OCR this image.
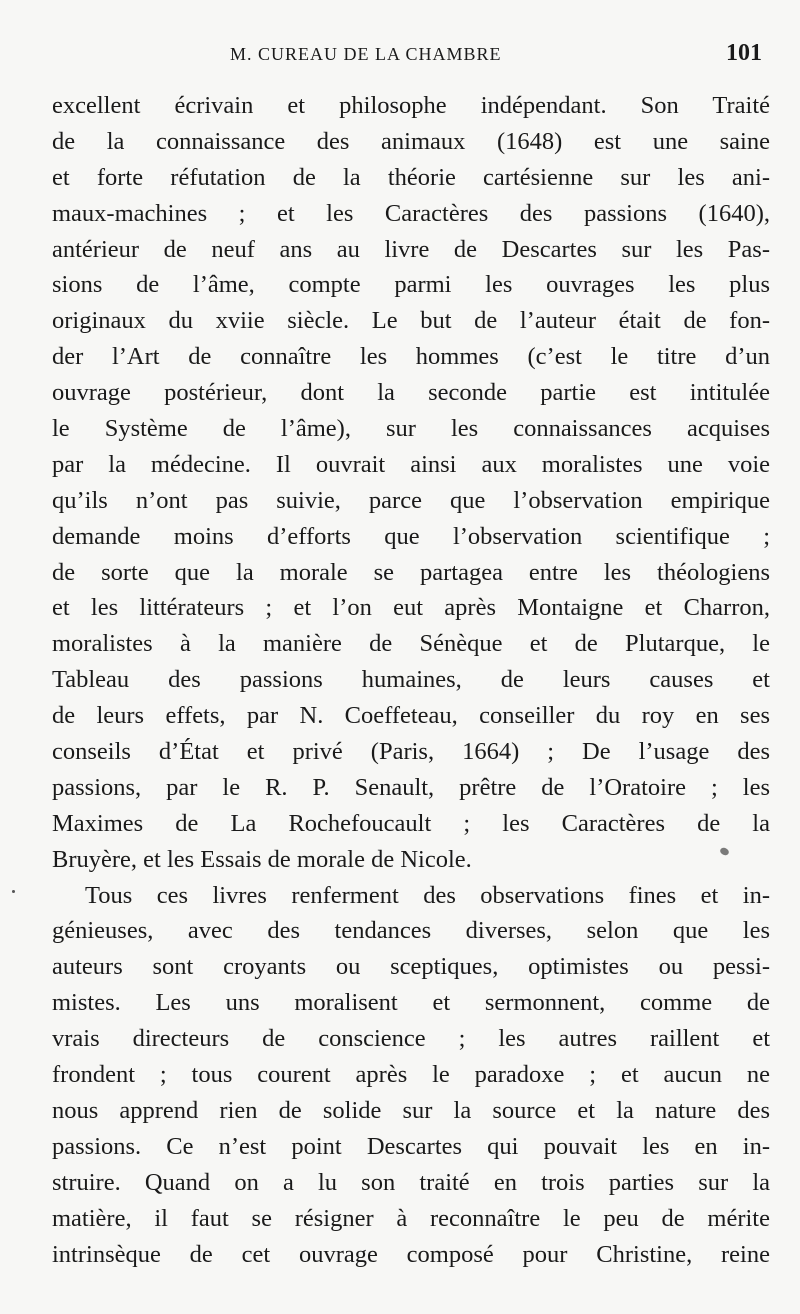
M. CUREAU DE LA CHAMBRE	101
excellent écrivain et philosophe indépendant. Son Traité
de la connaissance des animaux (1648) est une saine
et forte réfutation de la théorie cartésienne sur les ani-
maux-machines ; et les Caractères des passions (1640),
antérieur de neuf ans au livre de Descartes sur les Pas-
sions de l’âme, compte parmi les ouvrages les plus
originaux du xviie siècle. Le but de l’auteur était de fon-
der l’Art de connaître les hommes (c’est le titre d’un
ouvrage postérieur, dont la seconde partie est intitulée
le Système de l’âme), sur les connaissances acquises
par la médecine. Il ouvrait ainsi aux moralistes une voie
qu’ils n’ont pas suivie, parce que l’observation empirique
demande moins d’efforts que l’observation scientifique ;
de sorte que la morale se partagea entre les théologiens
et les littérateurs ; et l’on eut après Montaigne et Charron,
moralistes à la manière de Sénèque et de Plutarque, le
Tableau des passions humaines, de leurs causes et
de leurs effets, par N. Coeffeteau, conseiller du roy en ses
conseils d’État et privé (Paris, 1664) ; De l’usage des
passions, par le R. P. Senault, prêtre de l’Oratoire ; les
Maximes de La Rochefoucault ; les Caractères de la
Bruyère, et les Essais de morale de Nicole.
Tous ces livres renferment des observations fines et in-
génieuses, avec des tendances diverses, selon que les
auteurs sont croyants ou sceptiques, optimistes ou pessi-
mistes. Les uns moralisent et sermonnent, comme de
vrais directeurs de conscience ; les autres raillent et
frondent ; tous courent après le paradoxe ; et aucun ne
nous apprend rien de solide sur la source et la nature des
passions. Ce n’est point Descartes qui pouvait les en in-
struire. Quand on a lu son traité en trois parties sur la
matière, il faut se résigner à reconnaître le peu de mérite
intrinsèque de cet ouvrage composé pour Christine, reine
